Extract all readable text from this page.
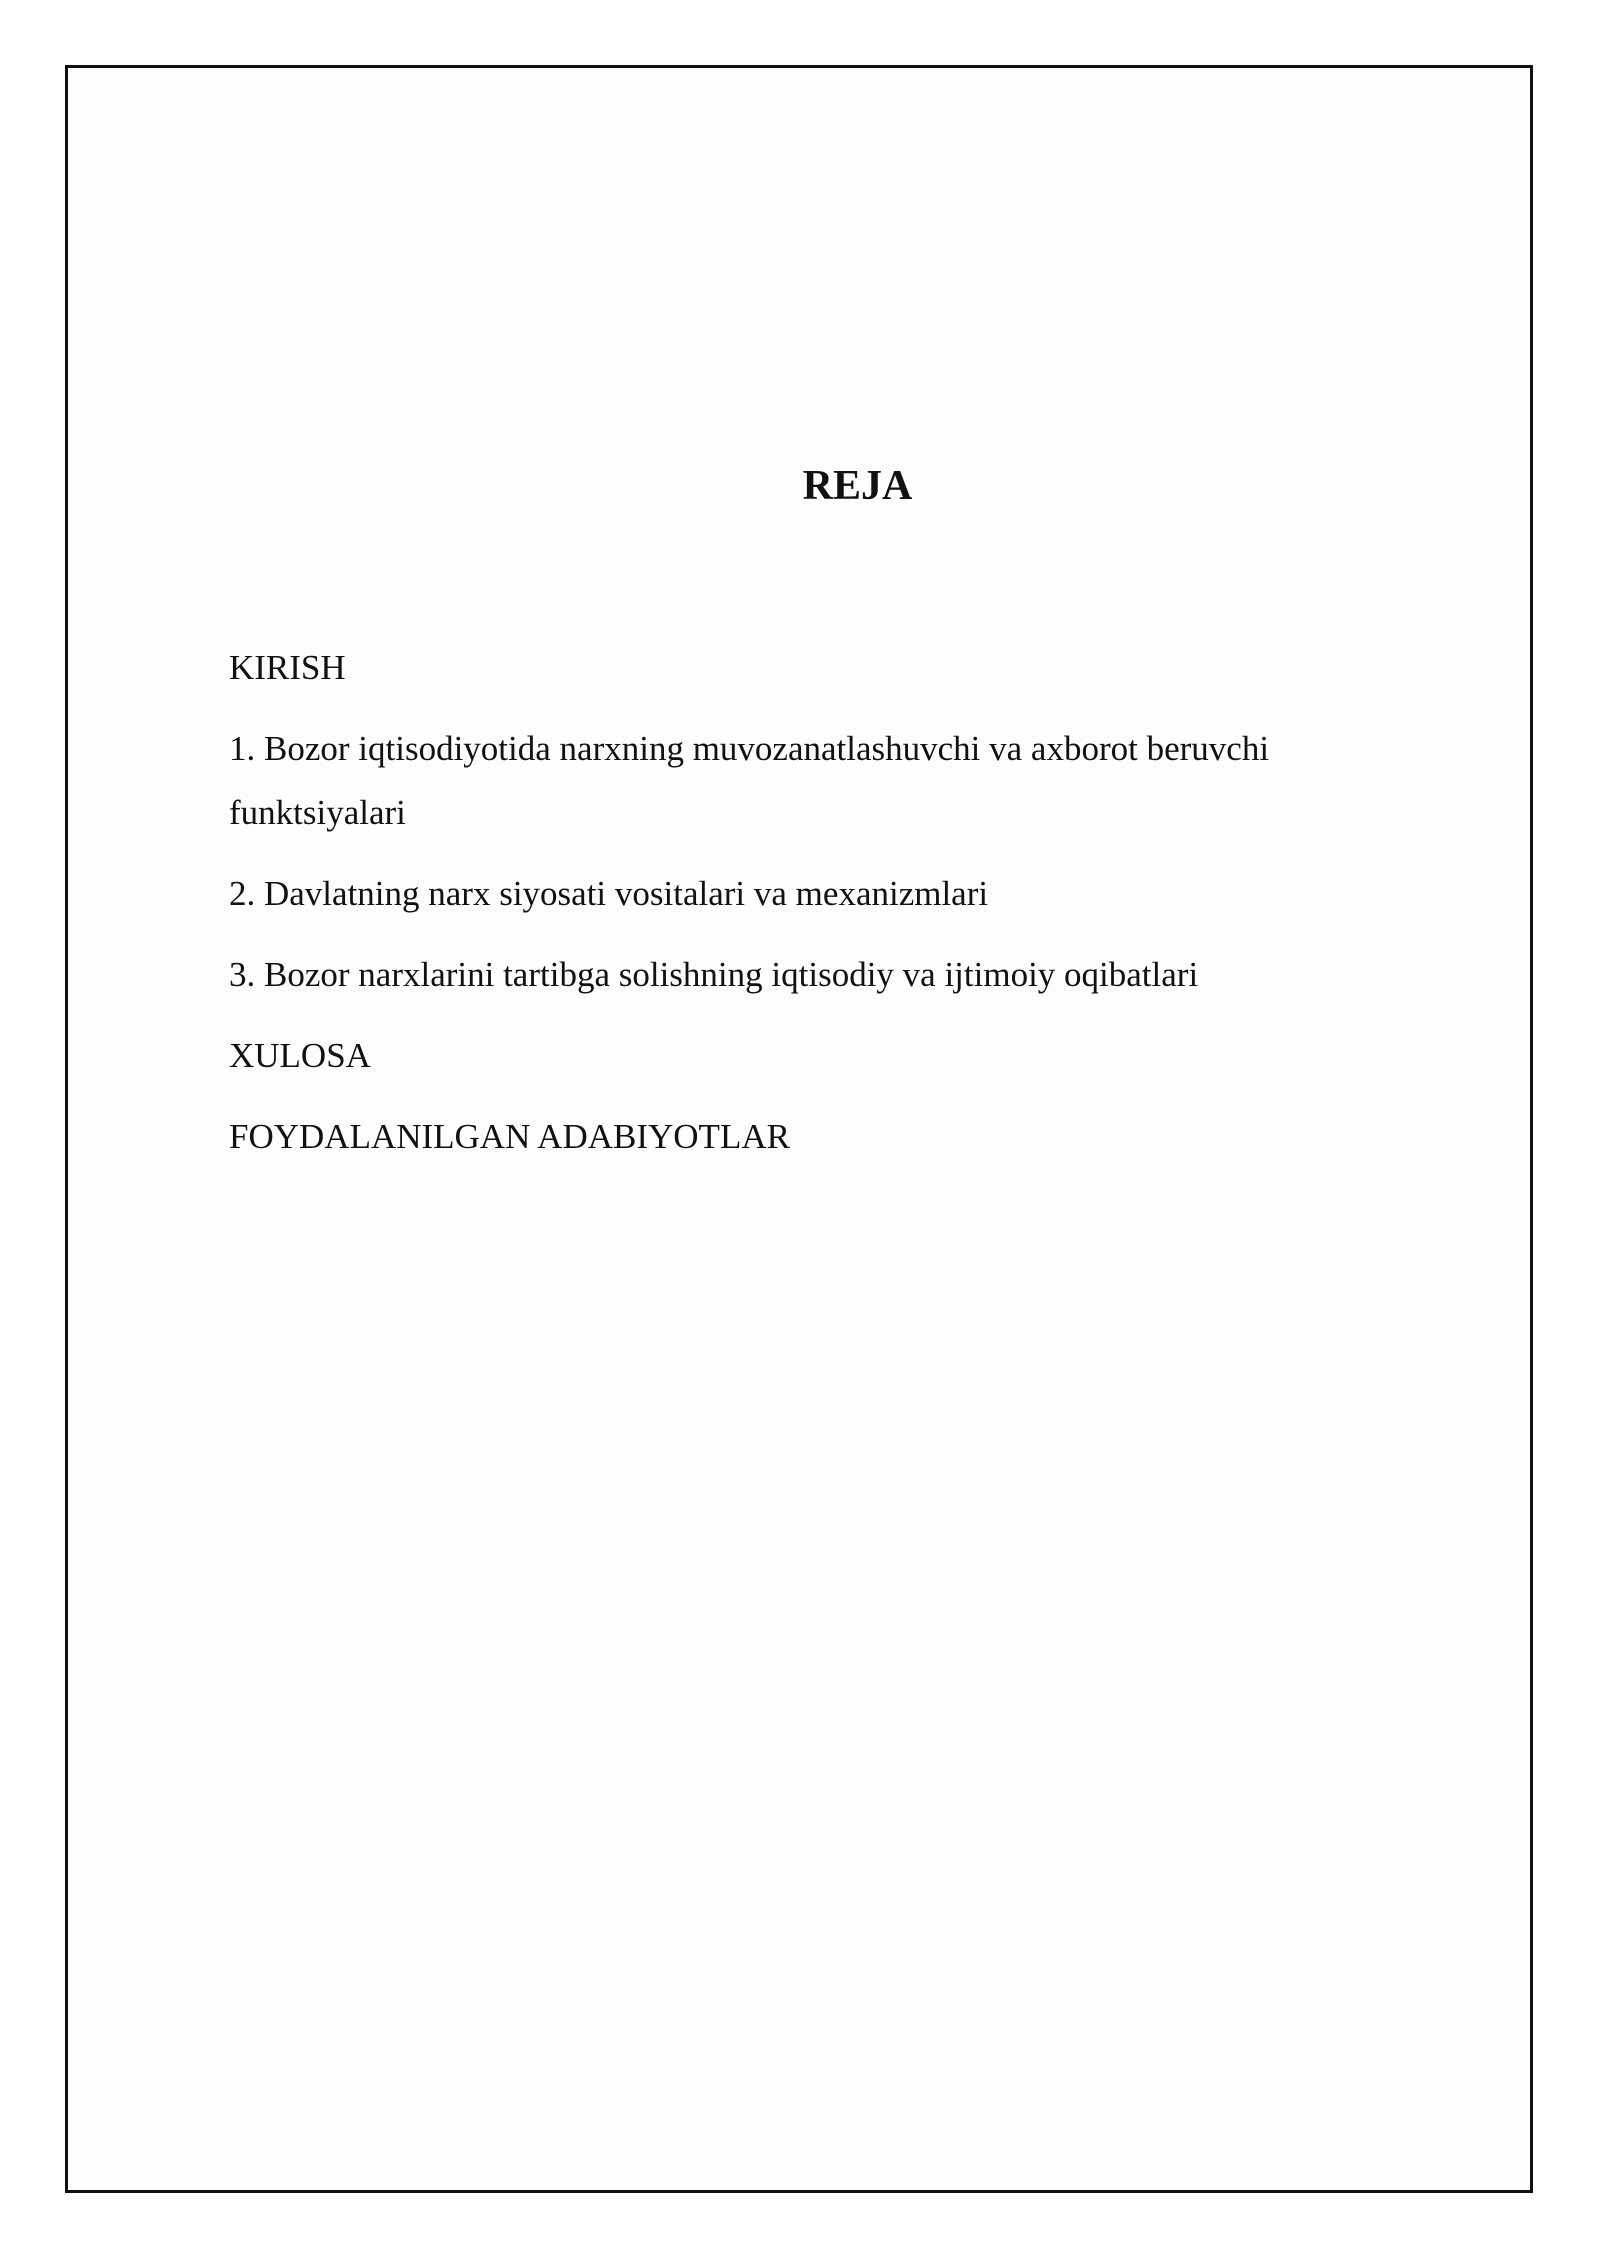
REJA
KIRISH
1. Bozor iqtisodiyotida narxning muvozanatlashuvchi va axborot beruvchi funktsiyalari
2. Davlatning narx siyosati vositalari va mexanizmlari
3. Bozor narxlarini tartibga solishning iqtisodiy va ijtimoiy oqibatlari
XULOSA
FOYDALANILGAN ADABIYOTLAR
